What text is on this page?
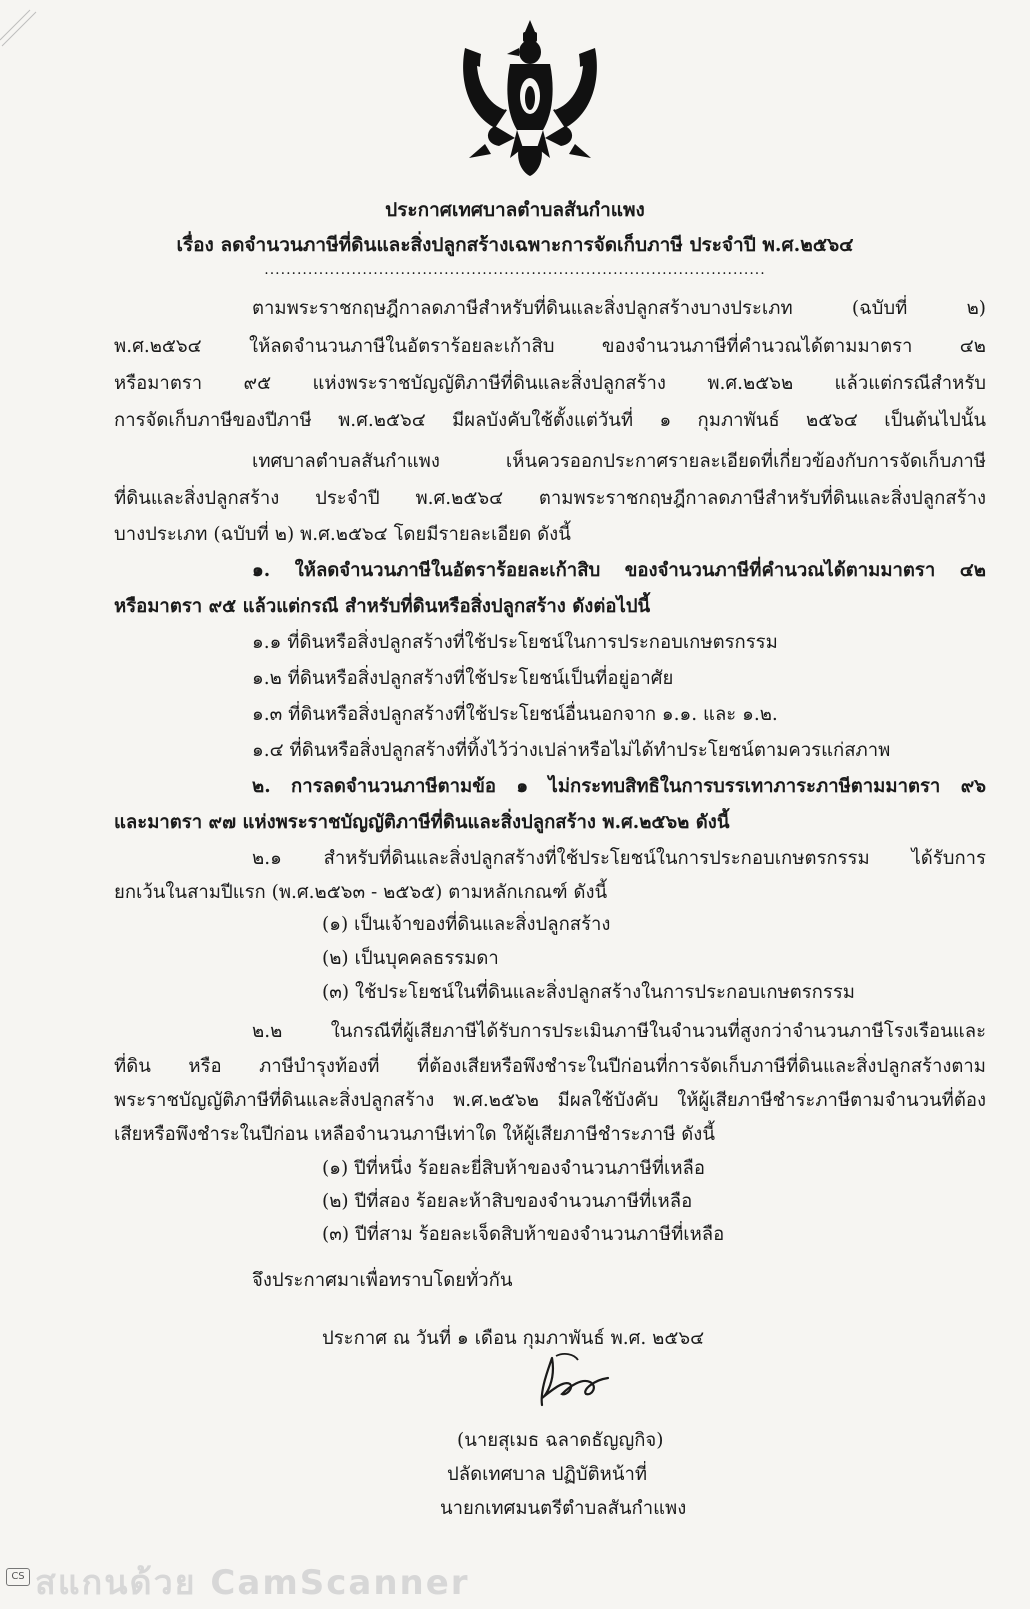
ประกาศเทศบาลตำบลสันกำแพง
เรื่อง ลดจำนวนภาษีที่ดินและสิ่งปลูกสร้างเฉพาะการจัดเก็บภาษี ประจำปี พ.ศ.๒๕๖๔
............................................................................................
ตามพระราชกฤษฎีกาลดภาษีสำหรับที่ดินและสิ่งปลูกสร้างบางประเภท (ฉบับที่ ๒)
พ.ศ.๒๕๖๔ ให้ลดจำนวนภาษีในอัตราร้อยละเก้าสิบ ของจำนวนภาษีที่คำนวณได้ตามมาตรา ๔๒
หรือมาตรา ๙๕ แห่งพระราชบัญญัติภาษีที่ดินและสิ่งปลูกสร้าง พ.ศ.๒๕๖๒ แล้วแต่กรณีสำหรับ
การจัดเก็บภาษีของปีภาษี พ.ศ.๒๕๖๔ มีผลบังคับใช้ตั้งแต่วันที่ ๑ กุมภาพันธ์ ๒๕๖๔ เป็นต้นไปนั้น
เทศบาลตำบลสันกำแพง เห็นควรออกประกาศรายละเอียดที่เกี่ยวข้องกับการจัดเก็บภาษี
ที่ดินและสิ่งปลูกสร้าง ประจำปี พ.ศ.๒๕๖๔ ตามพระราชกฤษฎีกาลดภาษีสำหรับที่ดินและสิ่งปลูกสร้าง
บางประเภท (ฉบับที่ ๒) พ.ศ.๒๕๖๔ โดยมีรายละเอียด ดังนี้
๑. ให้ลดจำนวนภาษีในอัตราร้อยละเก้าสิบ ของจำนวนภาษีที่คำนวณได้ตามมาตรา ๔๒
หรือมาตรา ๙๕ แล้วแต่กรณี สำหรับที่ดินหรือสิ่งปลูกสร้าง ดังต่อไปนี้
๑.๑ ที่ดินหรือสิ่งปลูกสร้างที่ใช้ประโยชน์ในการประกอบเกษตรกรรม
๑.๒ ที่ดินหรือสิ่งปลูกสร้างที่ใช้ประโยชน์เป็นที่อยู่อาศัย
๑.๓ ที่ดินหรือสิ่งปลูกสร้างที่ใช้ประโยชน์อื่นนอกจาก ๑.๑. และ ๑.๒.
๑.๔ ที่ดินหรือสิ่งปลูกสร้างที่ทิ้งไว้ว่างเปล่าหรือไม่ได้ทำประโยชน์ตามควรแก่สภาพ
๒. การลดจำนวนภาษีตามข้อ ๑ ไม่กระทบสิทธิในการบรรเทาภาระภาษีตามมาตรา ๙๖
และมาตรา ๙๗ แห่งพระราชบัญญัติภาษีที่ดินและสิ่งปลูกสร้าง พ.ศ.๒๕๖๒ ดังนี้
๒.๑ สำหรับที่ดินและสิ่งปลูกสร้างที่ใช้ประโยชน์ในการประกอบเกษตรกรรม ได้รับการ
ยกเว้นในสามปีแรก (พ.ศ.๒๕๖๓ - ๒๕๖๕) ตามหลักเกณฑ์ ดังนี้
(๑) เป็นเจ้าของที่ดินและสิ่งปลูกสร้าง
(๒) เป็นบุคคลธรรมดา
(๓) ใช้ประโยชน์ในที่ดินและสิ่งปลูกสร้างในการประกอบเกษตรกรรม
๒.๒ ในกรณีที่ผู้เสียภาษีได้รับการประเมินภาษีในจำนวนที่สูงกว่าจำนวนภาษีโรงเรือนและ
ที่ดิน หรือ ภาษีบำรุงท้องที่ ที่ต้องเสียหรือพึงชำระในปีก่อนที่การจัดเก็บภาษีที่ดินและสิ่งปลูกสร้างตาม
พระราชบัญญัติภาษีที่ดินและสิ่งปลูกสร้าง พ.ศ.๒๕๖๒ มีผลใช้บังคับ ให้ผู้เสียภาษีชำระภาษีตามจำนวนที่ต้อง
เสียหรือพึงชำระในปีก่อน เหลือจำนวนภาษีเท่าใด ให้ผู้เสียภาษีชำระภาษี ดังนี้
(๑) ปีที่หนึ่ง ร้อยละยี่สิบห้าของจำนวนภาษีที่เหลือ
(๒) ปีที่สอง ร้อยละห้าสิบของจำนวนภาษีที่เหลือ
(๓) ปีที่สาม ร้อยละเจ็ดสิบห้าของจำนวนภาษีที่เหลือ
จึงประกาศมาเพื่อทราบโดยทั่วกัน
ประกาศ ณ วันที่ ๑ เดือน กุมภาพันธ์ พ.ศ. ๒๕๖๔
(นายสุเมธ ฉลาดธัญญกิจ)
ปลัดเทศบาล ปฏิบัติหน้าที่
นายกเทศมนตรีตำบลสันกำแพง
สแกนด้วย CamScanner
CS
